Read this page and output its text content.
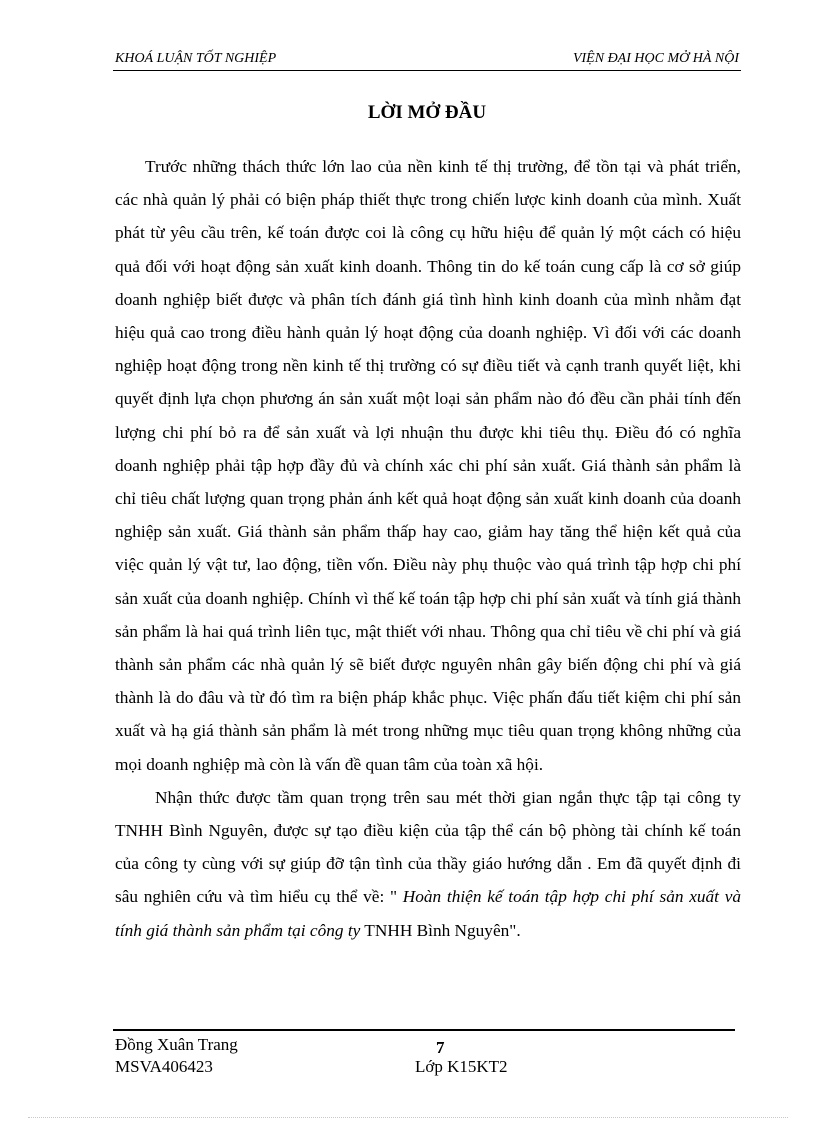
KHOÁ LUẬN TỐT NGHIỆP	VIỆN ĐẠI HỌC MỞ HÀ NỘI
LỜI MỞ ĐẦU

Trước những thách thức lớn lao của nền kinh tế thị trường, để tồn tại và phát triển, các nhà quản lý phải có biện pháp thiết thực trong chiến lược kinh doanh của mình. Xuất phát từ yêu cầu trên, kế toán được coi là công cụ hữu hiệu để quản lý một cách có hiệu quả đối với hoạt động sản xuất kinh doanh. Thông tin do kế toán cung cấp là cơ sở giúp doanh nghiệp biết được và phân tích đánh giá tình hình kinh doanh của mình nhằm đạt hiệu quả cao trong điều hành quản lý hoạt động của doanh nghiệp. Vì đối với các doanh nghiệp hoạt động trong nền kinh tế thị trường có sự điều tiết và cạnh tranh quyết liệt, khi quyết định lựa chọn phương án sản xuất một loại sản phẩm nào đó đều cần phải tính đến lượng chi phí bỏ ra để sản xuất và lợi nhuận thu được khi tiêu thụ. Điều đó có nghĩa doanh nghiệp phải tập hợp đầy đủ và chính xác chi phí sản xuất. Giá thành sản phẩm là chỉ tiêu chất lượng quan trọng phản ánh kết quả hoạt động sản xuất kinh doanh của doanh nghiệp sản xuất. Giá thành sản phẩm thấp hay cao, giảm hay tăng thể hiện kết quả của việc quản lý vật tư, lao động, tiền vốn. Điều này phụ thuộc vào quá trình tập hợp chi phí sản xuất của doanh nghiệp. Chính vì thế kế toán tập hợp chi phí sản xuất và tính giá thành sản phẩm là hai quá trình liên tục, mật thiết với nhau. Thông qua chỉ tiêu về chi phí và giá thành sản phẩm các nhà quản lý sẽ biết được nguyên nhân gây biến động chi phí và giá thành là do đâu và từ đó tìm ra biện pháp khắc phục. Việc phấn đấu tiết kiệm chi phí sản xuất và hạ giá thành sản phẩm là mét trong những mục tiêu quan trọng không những của mọi doanh nghiệp mà còn là vấn đề quan tâm của toàn xã hội.

Nhận thức được tầm quan trọng trên sau mét thời gian ngắn thực tập tại công ty TNHH Bình Nguyên, được sự tạo điều kiện của tập thể cán bộ phòng tài chính kế toán của công ty cùng với sự giúp đỡ tận tình của thầy giáo hướng dẫn . Em đã quyết định đi sâu nghiên cứu và tìm hiểu cụ thể về: " Hoàn thiện kế toán tập hợp chi phí sản xuất và tính giá thành sản phẩm tại công ty TNHH Bình Nguyên".

Đồng Xuân Trang	7
MSVA406423	Lớp K15KT2
